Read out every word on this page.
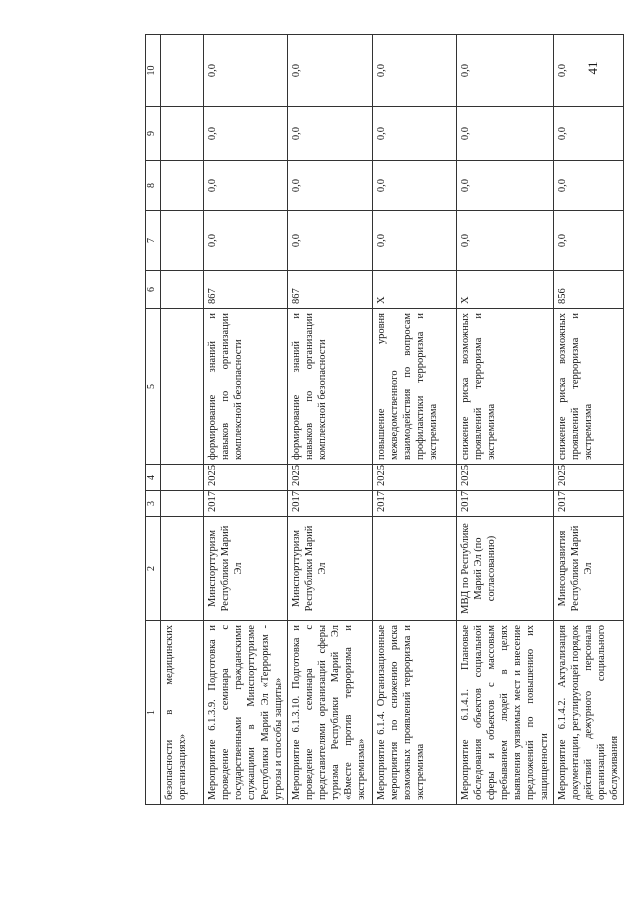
41
1	2	3	4	5	6	7	8	9	10
безопасности в медицинских организациях»									
Мероприятие 6.1.3.9. Подготовка и проведение семинара с государственными гражданскими служащими в Минспорттуризме Республики Марий Эл «Терроризм - угрозы и способы защиты»	Минспорттуризм Республики Марий Эл	2017	2025	формирование знаний и навыков по организации комплексной безопасности	867	0,0	0,0	0,0	0,0
Мероприятие 6.1.3.10. Подготовка и проведение семинара с представителями организаций сферы туризма Республики Марий Эл «Вместе против терроризма и экстремизма»	Минспорттуризм Республики Марий Эл	2017	2025	формирование знаний и навыков по организации комплексной безопасности	867	0,0	0,0	0,0	0,0
Мероприятие 6.1.4. Организационные мероприятия по снижению риска возможных проявлений терроризма и экстремизма		2017	2025	повышение уровня межведомственного взаимодействия по вопросам профилактики терроризма и экстремизма	Х	0,0	0,0	0,0	0,0
Мероприятие 6.1.4.1. Плановые обследования объектов социальной сферы и объектов с массовым пребыванием людей в целях выявления уязвимых мест и внесение предложений по повышению их защищенности	МВД по Республике Марий Эл (по согласованию)	2017	2025	снижение риска возможных проявлений терроризма и экстремизма	Х	0,0	0,0	0,0	0,0
Мероприятие 6.1.4.2. Актуализация документации, регулирующей порядок действий дежурного персонала организаций социального обслуживания	Минсоцразвития Республики Марий Эл	2017	2025	снижение риска возможных проявлений терроризма и экстремизма	856	0,0	0,0	0,0	0,0
